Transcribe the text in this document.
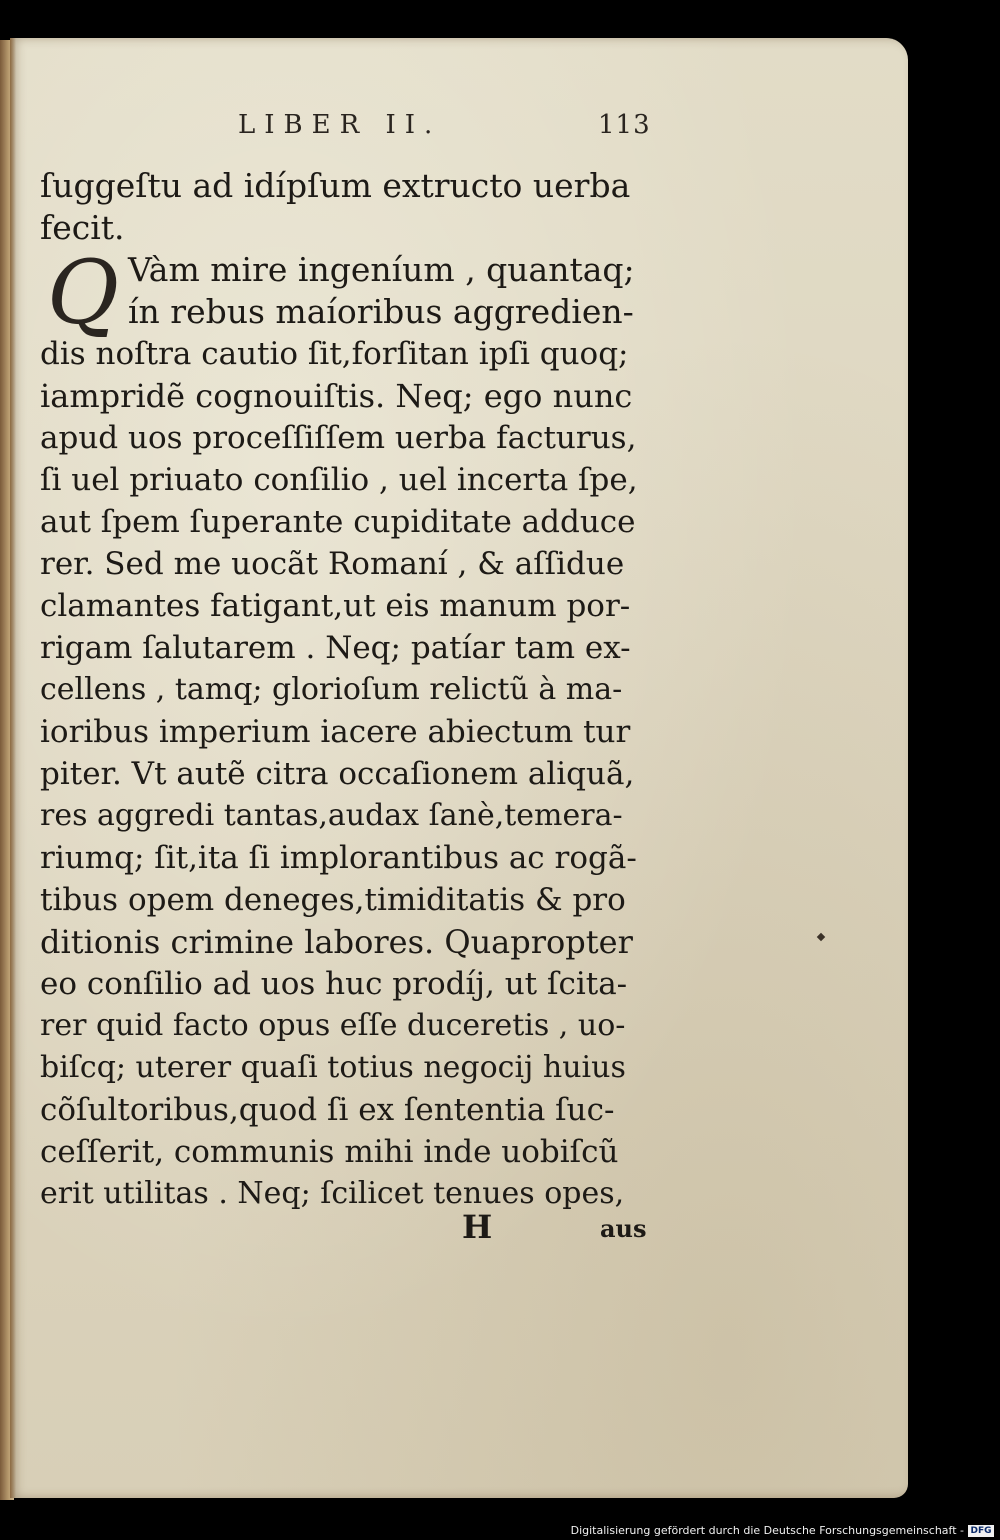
LIBER II.	113
Q
ſuggeſtu ad idípſum extructo uerba
fecit.
Vàm mire ingeníum , quantaq;
ín rebus maíoribus aggredien-
dis noſtra cautio ſit,forſitan ipſi quoq;
iampridẽ cognouiſtis. Neq; ego nunc
apud uos proceſſiſſem uerba facturus,
ſi uel priuato conſilio , uel incerta ſpe,
aut ſpem ſuperante cupiditate adduce
rer. Sed me uocãt Romaní , & aſſidue
clamantes fatigant,ut eis manum por-
rigam ſalutarem . Neq; patíar tam ex-
cellens , tamq; glorioſum relictũ à ma-
ioribus imperium iacere abiectum tur
piter. Vt autẽ citra occaſionem aliquã,
res aggredi tantas,audax ſanè,temera-
riumq; ſit,ita ſi implorantibus ac rogã-
tibus opem deneges,timiditatis & pro
ditionis crimine labores. Quapropter
eo conſilio ad uos huc prodíj, ut ſcita-
rer quid facto opus eſſe duceretis , uo-
biſcq; uterer quaſi totius negocij huius
cõſultoribus,quod ſi ex ſententia ſuc-
ceſſerit, communis mihi inde uobiſcũ
erit utilitas . Neq; ſcilicet tenues opes,
H	aus
Digitalisierung gefördert durch die Deutsche Forschungsgemeinschaft - DFG
